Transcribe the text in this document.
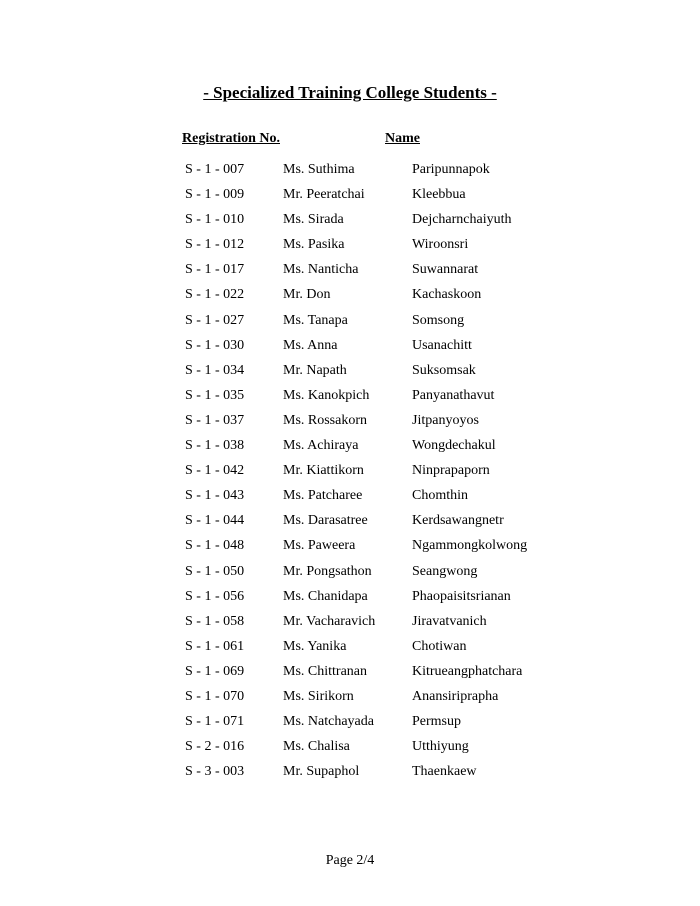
- Specialized Training College Students -
Registration No.	Name
S - 1 - 007	Ms. Suthima	Paripunnapok
S - 1 - 009	Mr. Peeratchai	Kleebbua
S - 1 - 010	Ms. Sirada	Dejcharnchaiyuth
S - 1 - 012	Ms. Pasika	Wiroonsri
S - 1 - 017	Ms. Nanticha	Suwannarat
S - 1 - 022	Mr. Don	Kachaskoon
S - 1 - 027	Ms. Tanapa	Somsong
S - 1 - 030	Ms. Anna	Usanachitt
S - 1 - 034	Mr. Napath	Suksomsak
S - 1 - 035	Ms. Kanokpich	Panyanathavut
S - 1 - 037	Ms. Rossakorn	Jitpanyoyos
S - 1 - 038	Ms. Achiraya	Wongdechakul
S - 1 - 042	Mr. Kiattikorn	Ninprapaporn
S - 1 - 043	Ms. Patcharee	Chomthin
S - 1 - 044	Ms. Darasatree	Kerdsawangnetr
S - 1 - 048	Ms. Paweera	Ngammongkolwong
S - 1 - 050	Mr. Pongsathon	Seangwong
S - 1 - 056	Ms. Chanidapa	Phaopaisitsrianan
S - 1 - 058	Mr. Vacharavich	Jiravatvanich
S - 1 - 061	Ms. Yanika	Chotiwan
S - 1 - 069	Ms. Chittranan	Kitrueangphatchara
S - 1 - 070	Ms. Sirikorn	Anansiriprapha
S - 1 - 071	Ms. Natchayada	Permsup
S - 2 - 016	Ms. Chalisa	Utthiyung
S - 3 - 003	Mr. Supaphol	Thaenkaew
Page 2/4
